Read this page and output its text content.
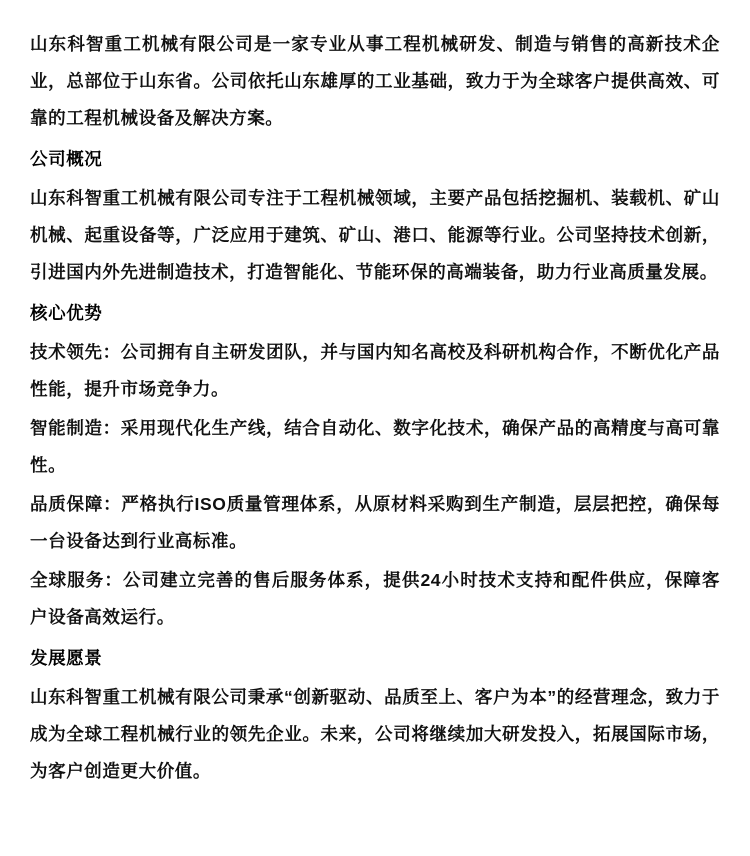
山东科智重工机械有限公司是一家专业从事工程机械研发、制造与销售的高新技术企业，总部位于山东省。公司依托山东雄厚的工业基础，致力于为全球客户提供高效、可靠的工程机械设备及解决方案。

公司概况

山东科智重工机械有限公司专注于工程机械领域，主要产品包括挖掘机、装载机、矿山机械、起重设备等，广泛应用于建筑、矿山、港口、能源等行业。公司坚持技术创新，引进国内外先进制造技术，打造智能化、节能环保的高端装备，助力行业高质量发展。

核心优势

技术领先：公司拥有自主研发团队，并与国内知名高校及科研机构合作，不断优化产品性能，提升市场竞争力。

智能制造：采用现代化生产线，结合自动化、数字化技术，确保产品的高精度与高可靠性。

品质保障：严格执行ISO质量管理体系，从原材料采购到生产制造，层层把控，确保每一台设备达到行业高标准。

全球服务：公司建立完善的售后服务体系，提供24小时技术支持和配件供应，保障客户设备高效运行。

发展愿景

山东科智重工机械有限公司秉承“创新驱动、品质至上、客户为本”的经营理念，致力于成为全球工程机械行业的领先企业。未来，公司将继续加大研发投入，拓展国际市场，为客户创造更大价值。
